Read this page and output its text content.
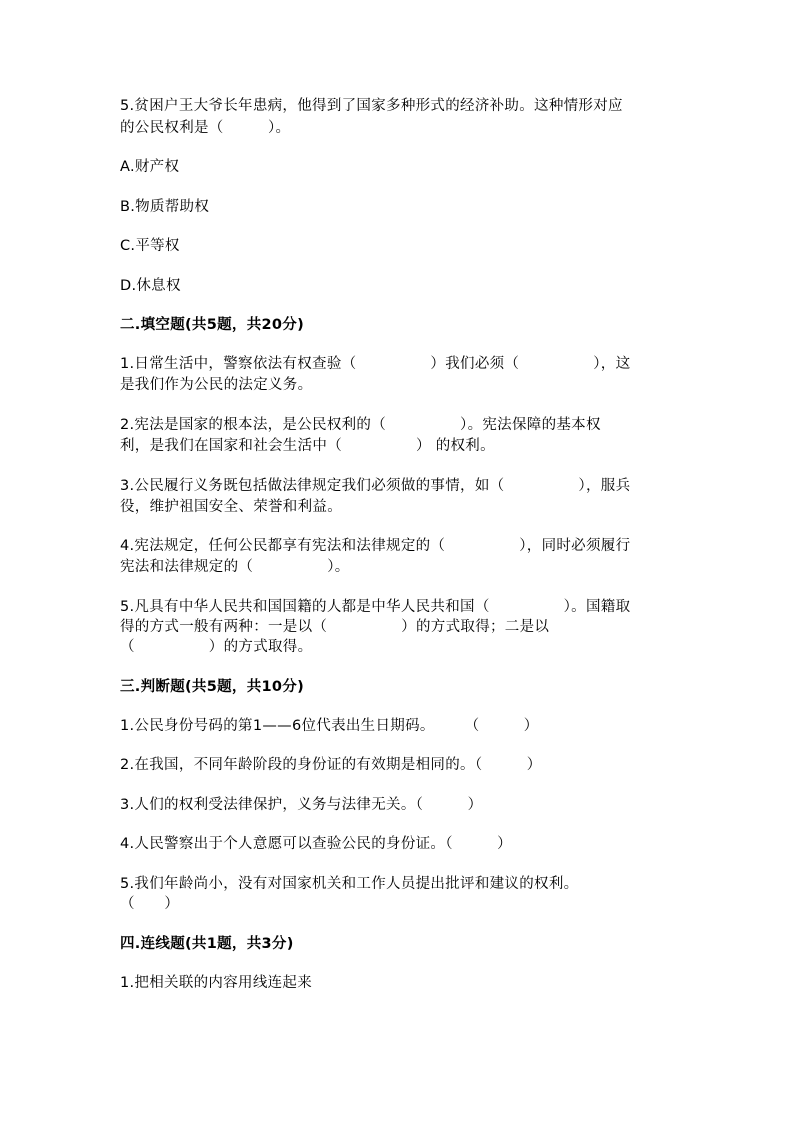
5.贫困户王大爷长年患病，他得到了国家多种形式的经济补助。这种情形对应
的公民权利是（　　　）。
A.财产权
B.物质帮助权
C.平等权
D.休息权
二.填空题(共5题，共20分)
1.日常生活中，警察依法有权查验（　　　　　）我们必须（　　　　　），这
是我们作为公民的法定义务。
2.宪法是国家的根本法，是公民权利的（　　　　　）。宪法保障的基本权
利，是我们在国家和社会生活中（　　　　　） 的权利。
3.公民履行义务既包括做法律规定我们必须做的事情，如（　　　　　），服兵
役，维护祖国安全、荣誉和利益。
4.宪法规定，任何公民都享有宪法和法律规定的（　　　　　），同时必须履行
宪法和法律规定的（　　　　　）。
5.凡具有中华人民共和国国籍的人都是中华人民共和国（　　　　　）。国籍取
得的方式一般有两种：一是以（　　　　　）的方式取得；二是以
（　　　　　）的方式取得。
三.判断题(共5题，共10分)
1.公民身份号码的第1——6位代表出生日期码。　　　（　　　）
2.在我国，不同年龄阶段的身份证的有效期是相同的。（　　　）
3.人们的权利受法律保护，义务与法律无关。（　　　）
4.人民警察出于个人意愿可以查验公民的身份证。（　　　）
5.我们年龄尚小，没有对国家机关和工作人员提出批评和建议的权利。
（　　）
四.连线题(共1题，共3分)
1.把相关联的内容用线连起来
